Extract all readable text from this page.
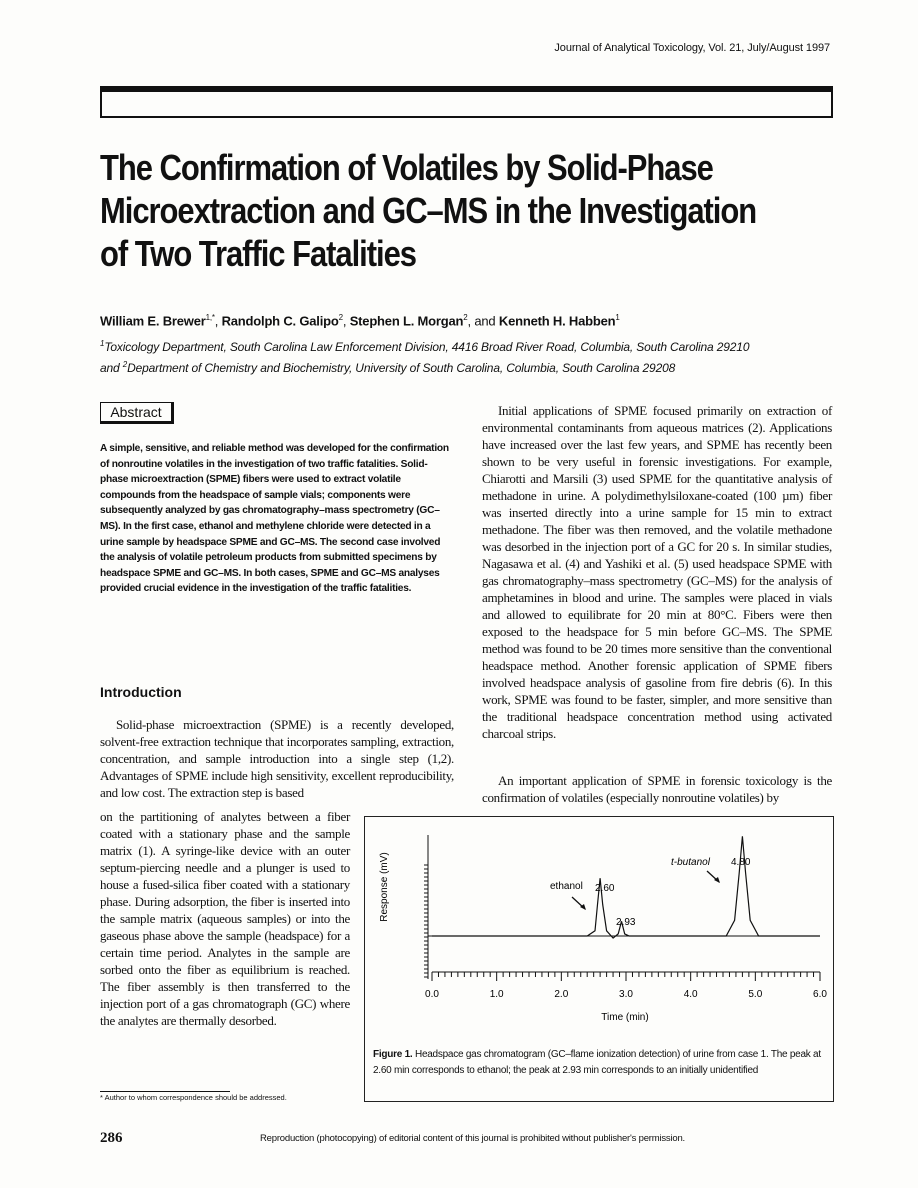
Journal of Analytical Toxicology, Vol. 21, July/August 1997
The Confirmation of Volatiles by Solid-Phase
Microextraction and GC–MS in the Investigation
of Two Traffic Fatalities
William E. Brewer$^{1,*}$, Randolph C. Galipo$^2$, Stephen L. Morgan$^2$, and Kenneth H. Habben$^1$
$^1$Toxicology Department, South Carolina Law Enforcement Division, 4416 Broad River Road, Columbia, South Carolina 29210
and $^2$Department of Chemistry and Biochemistry, University of South Carolina, Columbia, South Carolina 29208
Abstract
A simple, sensitive, and reliable method was developed for the confirmation of nonroutine volatiles in the investigation of two traffic fatalities. Solid-phase microextraction (SPME) fibers were used to extract volatile compounds from the headspace of sample vials; components were subsequently analyzed by gas chromatography–mass spectrometry (GC–MS). In the first case, ethanol and methylene chloride were detected in a urine sample by headspace SPME and GC–MS. The second case involved the analysis of volatile petroleum products from submitted specimens by headspace SPME and GC–MS. In both cases, SPME and GC–MS analyses provided crucial evidence in the investigation of the traffic fatalities.
Introduction

Solid-phase microextraction (SPME) is a recently developed, solvent-free extraction technique that incorporates sampling, extraction, concentration, and sample introduction into a single step (1,2). Advantages of SPME include high sensitivity, excellent reproducibility, and low cost. The extraction step is based

on the partitioning of analytes between a fiber coated with a stationary phase and the sample matrix (1). A syringe-like device with an outer septum-piercing needle and a plunger is used to house a fused-silica fiber coated with a stationary phase. During adsorption, the fiber is inserted into the sample matrix (aqueous samples) or into the gaseous phase above the sample (headspace) for a certain time period. Analytes in the sample are sorbed onto the fiber as equilibrium is reached. The fiber assembly is then transferred to the injection port of a gas chromatograph (GC) where the analytes are thermally desorbed.

Initial applications of SPME focused primarily on extraction of environmental contaminants from aqueous matrices (2). Applications have increased over the last few years, and SPME has recently been shown to be very useful in forensic investigations. For example, Chiarotti and Marsili (3) used SPME for the quantitative analysis of methadone in urine. A polydimethylsiloxane-coated (100 µm) fiber was inserted directly into a urine sample for 15 min to extract methadone. The fiber was then removed, and the volatile methadone was desorbed in the injection port of a GC for 20 s. In similar studies, Nagasawa et al. (4) and Yashiki et al. (5) used headspace SPME with gas chromatography–mass spectrometry (GC–MS) for the analysis of amphetamines in blood and urine. The samples were placed in vials and allowed to equilibrate for 20 min at 80°C. Fibers were then exposed to the headspace for 5 min before GC–MS. The SPME method was found to be 20 times more sensitive than the conventional headspace method. Another forensic application of SPME fibers involved headspace analysis of gasoline from fire debris (6). In this work, SPME was found to be faster, simpler, and more sensitive than the traditional headspace concentration method using activated charcoal strips.

An important application of SPME in forensic toxicology is the confirmation of volatiles (especially nonroutine volatiles) by

Response (mV)
0.0	1.0	2.0	3.0	4.0	5.0	6.0
Time (min)
ethanol 2.60
2.93
t-butanol 4.80
Figure 1. Headspace gas chromatogram (GC–flame ionization detection) of urine from case 1. The peak at 2.60 min corresponds to ethanol; the peak at 2.93 min corresponds to an initially unidentified
* Author to whom correspondence should be addressed.
286	Reproduction (photocopying) of editorial content of this journal is prohibited without publisher's permission.
